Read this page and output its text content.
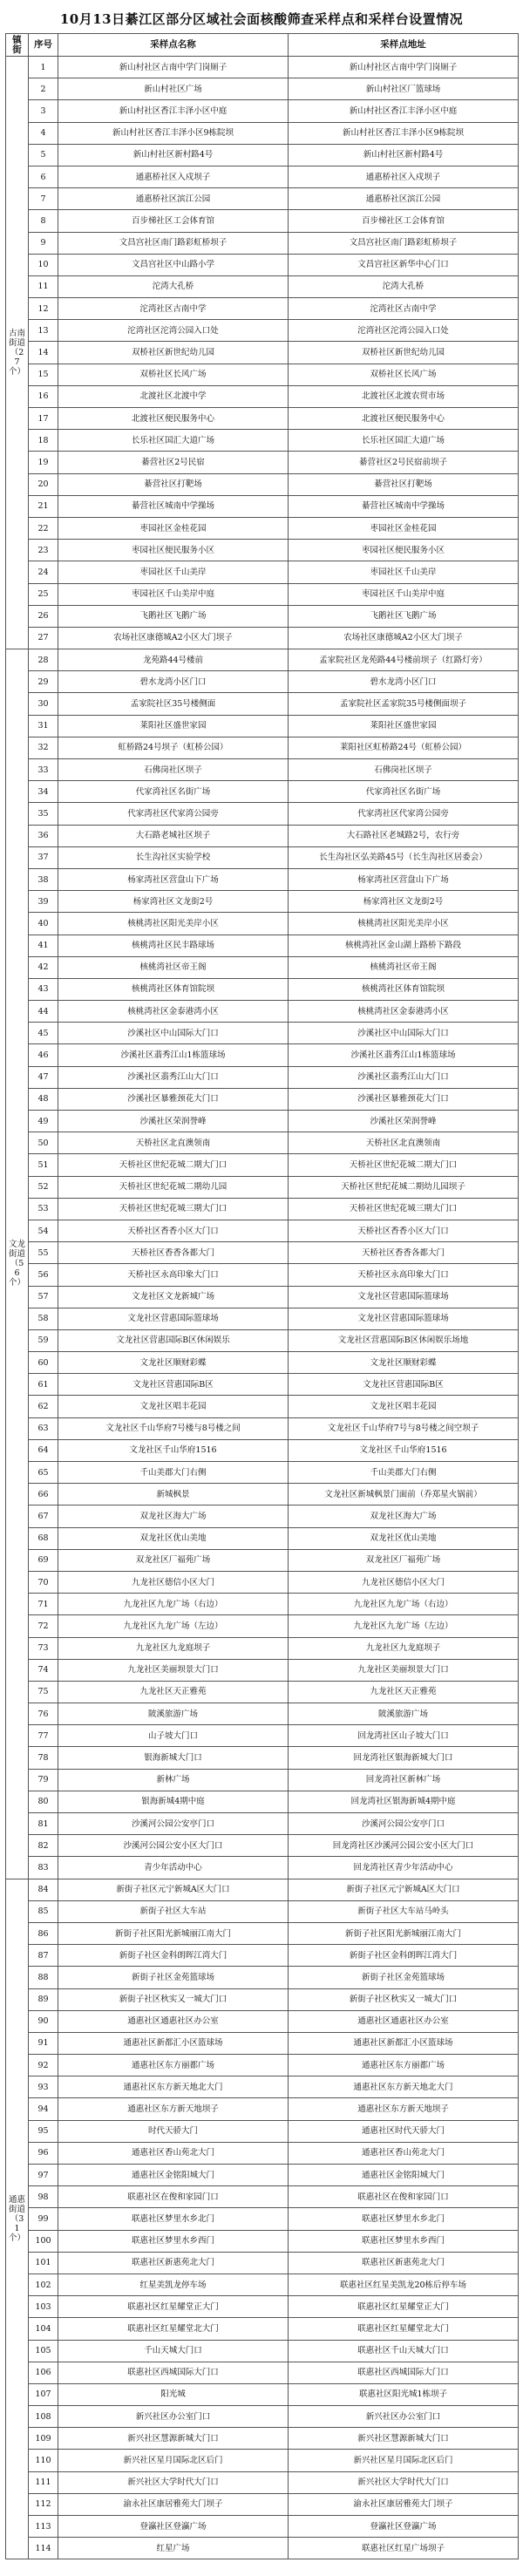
10月13日綦江区部分区域社会面核酸筛查采样点和采样台设置情况
镇街	序号	采样点名称	采样点地址
古南街道（27个）	1	新山村社区古南中学门岗厕子	新山村社区古南中学门岗厕子
	2	新山村社区广场	新山村社区厂篮球场
	3	新山村社区香江丰泽小区中庭	新山村社区香江丰泽小区中庭
	4	新山村社区香江丰泽小区9栋院坝	新山村社区香江丰泽小区9栋院坝
	5	新山村社区新村路4号	新山村社区新村路4号
	6	通惠桥社区入戍坝子	通惠桥社区入戍坝子
	7	通惠桥社区滨江公园	通惠桥社区滨江公园
	8	百步梯社区工会体育馆	百步梯社区工会体育馆
	9	文昌宫社区南门路彩虹桥坝子	文昌宫社区南门路彩虹桥坝子
	10	文昌宫社区中山路小学	文昌宫社区新华中心门口
	11	沱湾大孔桥	沱湾大孔桥
	12	沱湾社区古南中学	沱湾社区古南中学
	13	沱湾社区沱湾公园入口处	沱湾社区沱湾公园入口处
	14	双桥社区新世纪幼儿园	双桥社区新世纪幼儿园
	15	双桥社区长风广场	双桥社区长风广场
	16	北渡社区北渡中学	北渡社区北渡农贸市场
	17	北渡社区便民服务中心	北渡社区便民服务中心
	18	长乐社区国汇大道广场	长乐社区国汇大道广场
	19	綦营社区2号民宿	綦营社区2号民宿前坝子
	20	綦营社区打靶场	綦营社区打靶场
	21	綦营社区城南中学操场	綦营社区城南中学操场
	22	枣园社区金桂花园	枣园社区金桂花园
	23	枣园社区便民服务小区	枣园社区便民服务小区
	24	枣园社区千山美岸	枣园社区千山美岸
	25	枣园社区千山美岸中庭	枣园社区千山美岸中庭
	26	飞鹅社区飞鹅广场	飞鹅社区飞鹅广场
	27	农场社区康德城A2小区大门坝子	农场社区康德城A2小区大门坝子
文龙街道（56个）	28	龙苑路44号楼前	孟家院社区龙苑路44号楼前坝子（红路灯旁）
	29	碧水龙湾小区门口	碧水龙湾小区门口
	30	孟家院社区35号楼侧面	孟家院社区孟家院35号楼侧面坝子
	31	莱阳社区盛世家园	莱阳社区盛世家园
	32	虹桥路24号坝子（虹桥公园）	莱阳社区虹桥路24号（虹桥公园）
	33	石佛岗社区坝子	石佛岗社区坝子
	34	代家湾社区名街广场	代家湾社区名街广场
	35	代家湾社区代家湾公园旁	代家湾社区代家湾公园旁
	36	大石路老城社区坝子	大石路社区老城路2号，农行旁
	37	长生沟社区实验学校	长生沟社区弘美路45号（长生沟社区居委会）
	38	杨家湾社区营盘山下广场	杨家湾社区营盘山下广场
	39	杨家湾社区文龙街2号	杨家湾社区文龙街2号
	40	核桃湾社区阳光美岸小区	核桃湾社区阳光美岸小区
	41	核桃湾社区民丰路球场	核桃湾社区金山湖上路桥下路段
	42	核桃湾社区帝王阁	核桃湾社区帝王阁
	43	核桃湾社区体育馆院坝	核桃湾社区体育馆院坝
	44	核桃湾社区金泰港湾小区	核桃湾社区金泰港湾小区
	45	沙溪社区中山国际大门口	沙溪社区中山国际大门口
	46	沙溪社区翡秀江山1栋篮球场	沙溪社区翡秀江山1栋篮球场
	47	沙溪社区翡秀江山大门口	沙溪社区翡秀江山大门口
	48	沙溪社区暴雅颈花大门口	沙溪社区暴雅颈花大门口
	49	沙溪社区荣润誉峰	沙溪社区荣润誉峰
	50	天桥社区北直澳领南	天桥社区北直澳领南
	51	天桥社区世纪花城二期大门口	天桥社区世纪花城二期大门口
	52	天桥社区世纪花城二期幼儿园	天桥社区世纪花城二期幼儿园坝子
	53	天桥社区世纪花城三期大门口	天桥社区世纪花城三期大门口
	54	天桥社区香香小区大门口	天桥社区香香小区大门口
	55	天桥社区香香各都大门	天桥社区香香各都大门
	56	天桥社区永高印象大门口	天桥社区永高印象大门口
	57	文龙社区文龙新城广场	文龙社区营惠国际篮球场
	58	文龙社区营惠国际篮球场	文龙社区营惠国际篮球场
	59	文龙社区营惠国际B区休闲娱乐	文龙社区营惠国际B区休闲娱乐场地
	60	文龙社区顺财彩蝶	文龙社区顺财彩蝶
	61	文龙社区营惠国际B区	文龙社区营惠国际B区
	62	文龙社区唱丰花园	文龙社区唱丰花园
	63	文龙社区千山华府7号楼与8号楼之间	文龙社区千山华府7号与8号楼之间空坝子
	64	文龙社区千山华府1516	文龙社区千山华府1516
	65	千山美郡大门右侧	千山美郡大门右侧
	66	新城枫景	文龙社区新城枫景门面前（乔郑星火锅前）
	67	双龙社区海大广场	双龙社区海大广场
	68	双龙社区优山美地	双龙社区优山美地
	69	双龙社区厂福苑广场	双龙社区厂福苑广场
	70	九龙社区德信小区大门	九龙社区德信小区大门
	71	九龙社区九龙广场（右边）	九龙社区九龙广场（右边）
	72	九龙社区九龙广场（左边）	九龙社区九龙广场（左边）
	73	九龙社区九龙庭坝子	九龙社区九龙庭坝子
	74	九龙社区美丽坝景大门口	九龙社区美丽坝景大门口
	75	九龙社区天正雅苑	九龙社区天正雅苑
	76	陂溪旅游广场	陂溪旅游广场
	77	山子坡大门口	回龙湾社区山子坡大门口
	78	银海新城大门口	回龙湾社区银海新城大门口
	79	新林广场	回龙湾社区新林广场
	80	银海新城4期中庭	回龙湾社区银海新城4期中庭
	81	沙溪河公园公安亭门口	沙溪河公园公安亭门口
	82	沙溪河公园公安小区大门口	回龙湾社区沙溪河公园公安小区大门口
	83	青少年活动中心	回龙湾社区青少年活动中心
通惠街道（31个）	84	新街子社区元宁新城A区大门口	新街子社区元宁新城A区大门口
	85	新街子社区大车站	新街子社区大车站马岭头
	86	新街子社区阳光新城丽江南大门	新街子社区阳光新城丽江南大门
	87	新街子社区金科朗晖江湾大门	新街子社区金科朗晖江湾大门
	88	新街子社区金苑篮球场	新街子社区金苑篮球场
	89	新街子社区秋实又一城大门口	新街子社区秋实又一城大门口
	90	通惠社区通惠社区办公室	通惠社区通惠社区办公室
	91	通惠社区新都汇小区篮球场	通惠社区新都汇小区篮球场
	92	通惠社区东方丽都广场	通惠社区东方丽都广场
	93	通惠社区东方新天地北大门	通惠社区东方新天地北大门
	94	通惠社区东方新天地坝子	通惠社区东方新天地坝子
	95	时代天骄大门	通惠社区时代天骄大门
	96	通惠社区香山苑北大门	通惠社区香山苑北大门
	97	通惠社区金铭阳城大门	通惠社区金铭阳城大门
	98	联惠社区在俊和家园门口	联惠社区在俊和家园门口
	99	联惠社区梦里水乡北门	联惠社区梦里水乡北门
	100	联惠社区梦里水乡西门	联惠社区梦里水乡西门
	101	联惠社区新惠苑北大门	联惠社区新惠苑北大门
	102	红星美凯龙停车场	联惠社区红星美凯龙20栋后停车场
	103	联惠社区红星耀堂正大门	联惠社区红星耀堂正大门
	104	联惠社区红星耀堂北大门	联惠社区红星耀堂北大门
	105	千山天城大门口	联惠社区千山天城大门口
	106	联惠社区西城国际大门口	联惠社区西城国际大门口
	107	阳光城	联惠社区阳光城1栋坝子
	108	新兴社区办公室门口	新兴社区办公室门口
	109	新兴社区慧源新城大门口	新兴社区慧源新城大门口
	110	新兴社区星月国际北区后门	新兴社区星月国际北区后门
	111	新兴社区大学时代大门口	新兴社区大学时代大门口
	112	渝永社区康居雅苑大门坝子	渝永社区康居雅苑大门坝子
	113	登瀛社区登瀛广场	登瀛社区登瀛广场
	114	红星广场	联惠社区红星广场坝子
